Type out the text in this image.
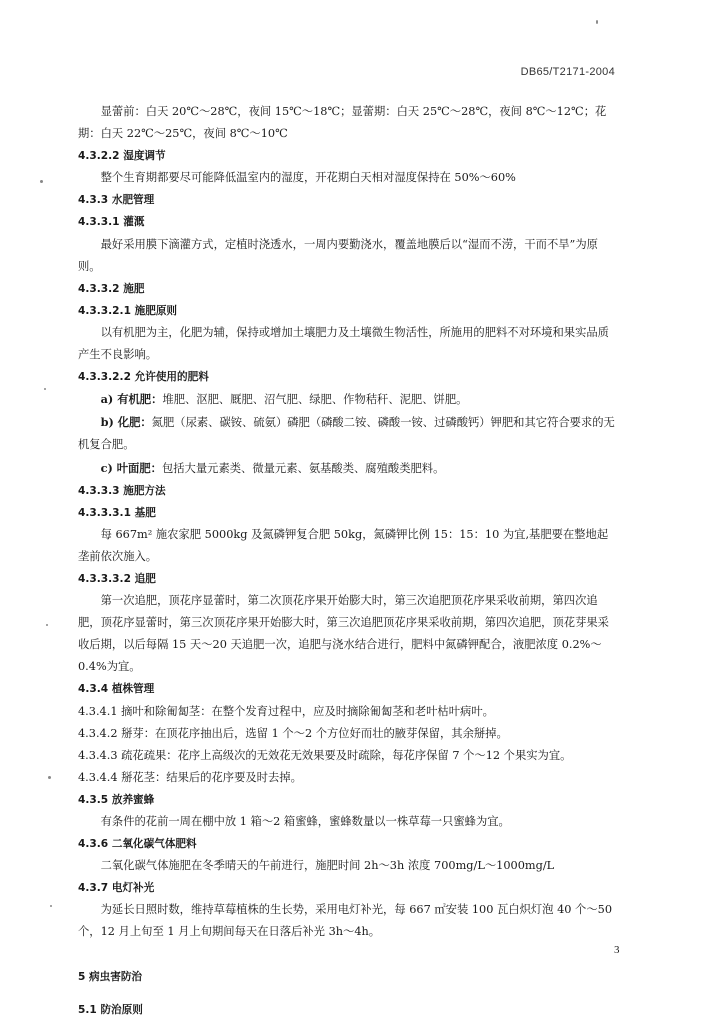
DB65/T2171-2004

显蕾前：白天 20℃～28℃，夜间 15℃～18℃；显蕾期：白天 25℃～28℃，夜间 8℃～12℃；花期：白天 22℃～25℃，夜间 8℃～10℃

4.3.2.2 湿度调节

整个生育期都要尽可能降低温室内的湿度，开花期白天相对湿度保持在 50%～60%

4.3.3 水肥管理

4.3.3.1 灌溉

最好采用膜下滴灌方式，定植时浇透水，一周内要勤浇水，覆盖地膜后以“湿而不涝，干而不旱”为原则。

4.3.3.2 施肥

4.3.3.2.1 施肥原则

以有机肥为主，化肥为辅，保持或增加土壤肥力及土壤微生物活性，所施用的肥料不对环境和果实品质产生不良影响。

4.3.3.2.2 允许使用的肥料

a) 有机肥：堆肥、沤肥、厩肥、沼气肥、绿肥、作物秸秆、泥肥、饼肥。

b) 化肥：氮肥（尿素、碳铵、硫氨）磷肥（磷酸二铵、磷酸一铵、过磷酸钙）钾肥和其它符合要求的无机复合肥。

c) 叶面肥：包括大量元素类、微量元素、氨基酸类、腐殖酸类肥料。

4.3.3.3 施肥方法

4.3.3.3.1 基肥

每 667m² 施农家肥 5000kg 及氮磷钾复合肥 50kg，氮磷钾比例 15：15：10 为宜,基肥要在整地起垄前依次施入。

4.3.3.3.2 追肥

第一次追肥，顶花序显蕾时，第二次顶花序果开始膨大时，第三次追肥顶花序果采收前期，第四次追肥，顶花序显蕾时，第三次顶花序果开始膨大时，第三次追肥顶花序果采收前期，第四次追肥，顶花芽果采收后期，以后每隔 15 天～20 天追肥一次，追肥与浇水结合进行，肥料中氮磷钾配合，液肥浓度 0.2%～0.4%为宜。

4.3.4 植株管理

4.3.4.1 摘叶和除匍匐茎：在整个发育过程中，应及时摘除匍匐茎和老叶枯叶病叶。

4.3.4.2 掰芽：在顶花序抽出后，选留 1 个～2 个方位好而壮的腋芽保留，其余掰掉。

4.3.4.3 疏花疏果：花序上高级次的无效花无效果要及时疏除，每花序保留 7 个～12 个果实为宜。

4.3.4.4 掰花茎：结果后的花序要及时去掉。

4.3.5 放养蜜蜂

有条件的花前一周在棚中放 1 箱～2 箱蜜蜂，蜜蜂数量以一株草莓一只蜜蜂为宜。

4.3.6 二氧化碳气体肥料

二氧化碳气体施肥在冬季晴天的午前进行，施肥时间 2h～3h 浓度 700mg/L～1000mg/L

4.3.7 电灯补光

为延长日照时数，维持草莓植株的生长势，采用电灯补光，每 667 ㎡安装 100 瓦白炽灯泡 40 个～50 个，12 月上旬至 1 月上旬期间每天在日落后补光 3h～4h。

5 病虫害防治

5.1 防治原则

3
